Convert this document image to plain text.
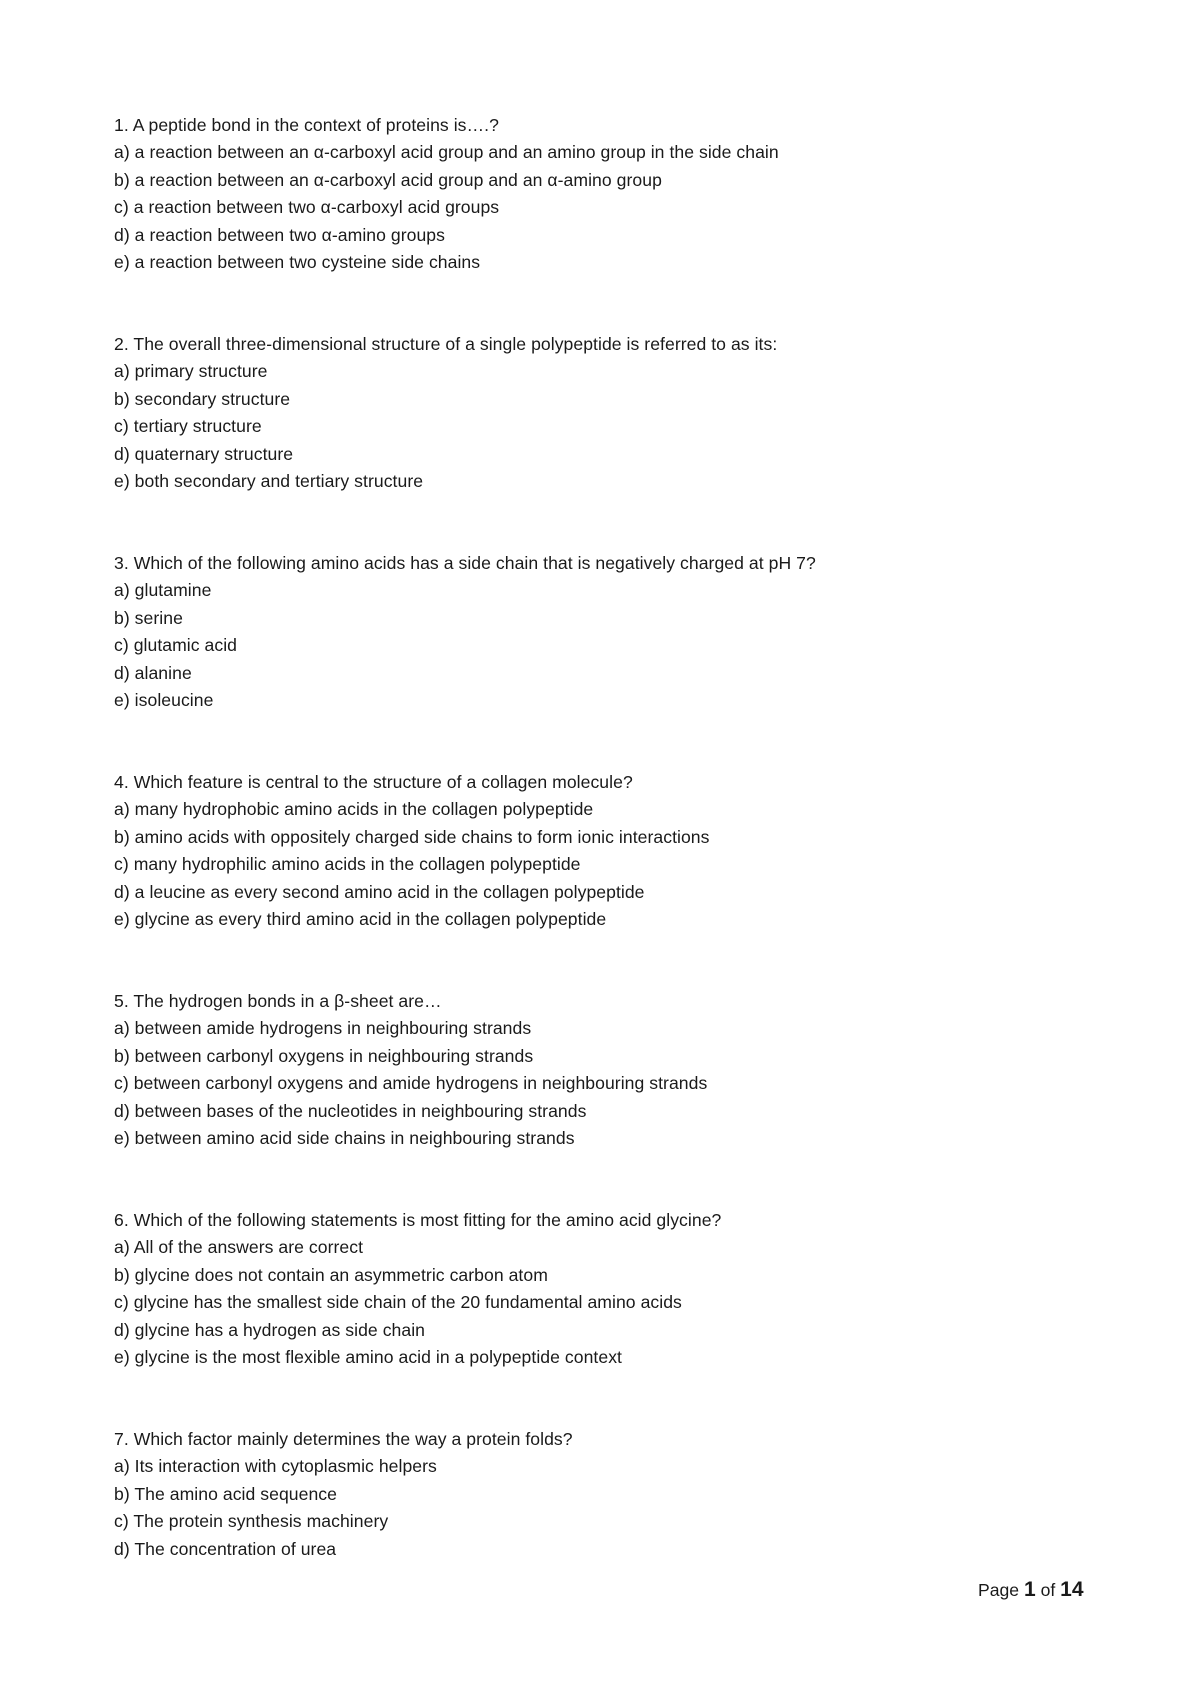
1. A peptide bond in the context of proteins is….?
a) a reaction between an α-carboxyl acid group and an amino group in the side chain
b) a reaction between an α-carboxyl acid group and an α-amino group
c) a reaction between two α-carboxyl acid groups
d) a reaction between two α-amino groups
e) a reaction between two cysteine side chains
2. The overall three-dimensional structure of a single polypeptide is referred to as its:
a) primary structure
b) secondary structure
c) tertiary structure
d) quaternary structure
e) both secondary and tertiary structure
3. Which of the following amino acids has a side chain that is negatively charged at pH 7?
a) glutamine
b) serine
c) glutamic acid
d) alanine
e) isoleucine
4. Which feature is central to the structure of a collagen molecule?
a) many hydrophobic amino acids in the collagen polypeptide
b) amino acids with oppositely charged side chains to form ionic interactions
c) many hydrophilic amino acids in the collagen polypeptide
d) a leucine as every second amino acid in the collagen polypeptide
e) glycine as every third amino acid in the collagen polypeptide
5. The hydrogen bonds in a β-sheet are…
a) between amide hydrogens in neighbouring strands
b) between carbonyl oxygens in neighbouring strands
c) between carbonyl oxygens and amide hydrogens in neighbouring strands
d) between bases of the nucleotides in neighbouring strands
e) between amino acid side chains in neighbouring strands
6. Which of the following statements is most fitting for the amino acid glycine?
a) All of the answers are correct
b) glycine does not contain an asymmetric carbon atom
c) glycine has the smallest side chain of the 20 fundamental amino acids
d) glycine has a hydrogen as side chain
e) glycine is the most flexible amino acid in a polypeptide context
7. Which factor mainly determines the way a protein folds?
a) Its interaction with cytoplasmic helpers
b) The amino acid sequence
c) The protein synthesis machinery
d) The concentration of urea
Page 1 of 14
